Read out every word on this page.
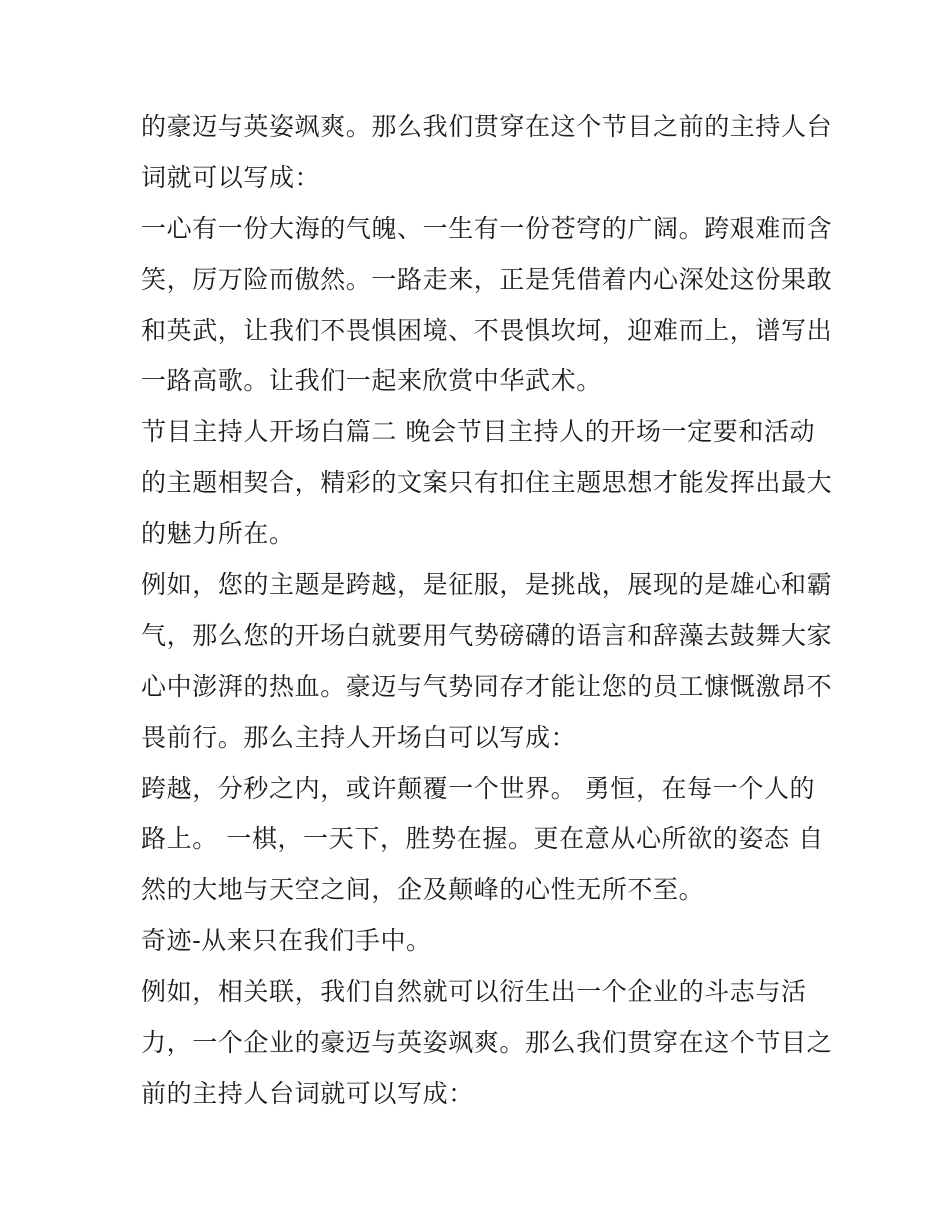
的豪迈与英姿飒爽。那么我们贯穿在这个节目之前的主持人台
词就可以写成：
一心有一份大海的气魄、一生有一份苍穹的广阔。跨艰难而含
笑，厉万险而傲然。一路走来，正是凭借着内心深处这份果敢
和英武，让我们不畏惧困境、不畏惧坎坷，迎难而上，谱写出
一路高歌。让我们一起来欣赏中华武术。
节目主持人开场白篇二 晚会节目主持人的开场一定要和活动
的主题相契合，精彩的文案只有扣住主题思想才能发挥出最大
的魅力所在。
例如，您的主题是跨越，是征服，是挑战，展现的是雄心和霸
气，那么您的开场白就要用气势磅礴的语言和辞藻去鼓舞大家
心中澎湃的热血。豪迈与气势同存才能让您的员工慷慨激昂不
畏前行。那么主持人开场白可以写成：
跨越，分秒之内，或许颠覆一个世界。 勇恒，在每一个人的
路上。 一棋，一天下，胜势在握。更在意从心所欲的姿态 自
然的大地与天空之间，企及颠峰的心性无所不至。
奇迹-从来只在我们手中。
例如，相关联，我们自然就可以衍生出一个企业的斗志与活
力，一个企业的豪迈与英姿飒爽。那么我们贯穿在这个节目之
前的主持人台词就可以写成：
